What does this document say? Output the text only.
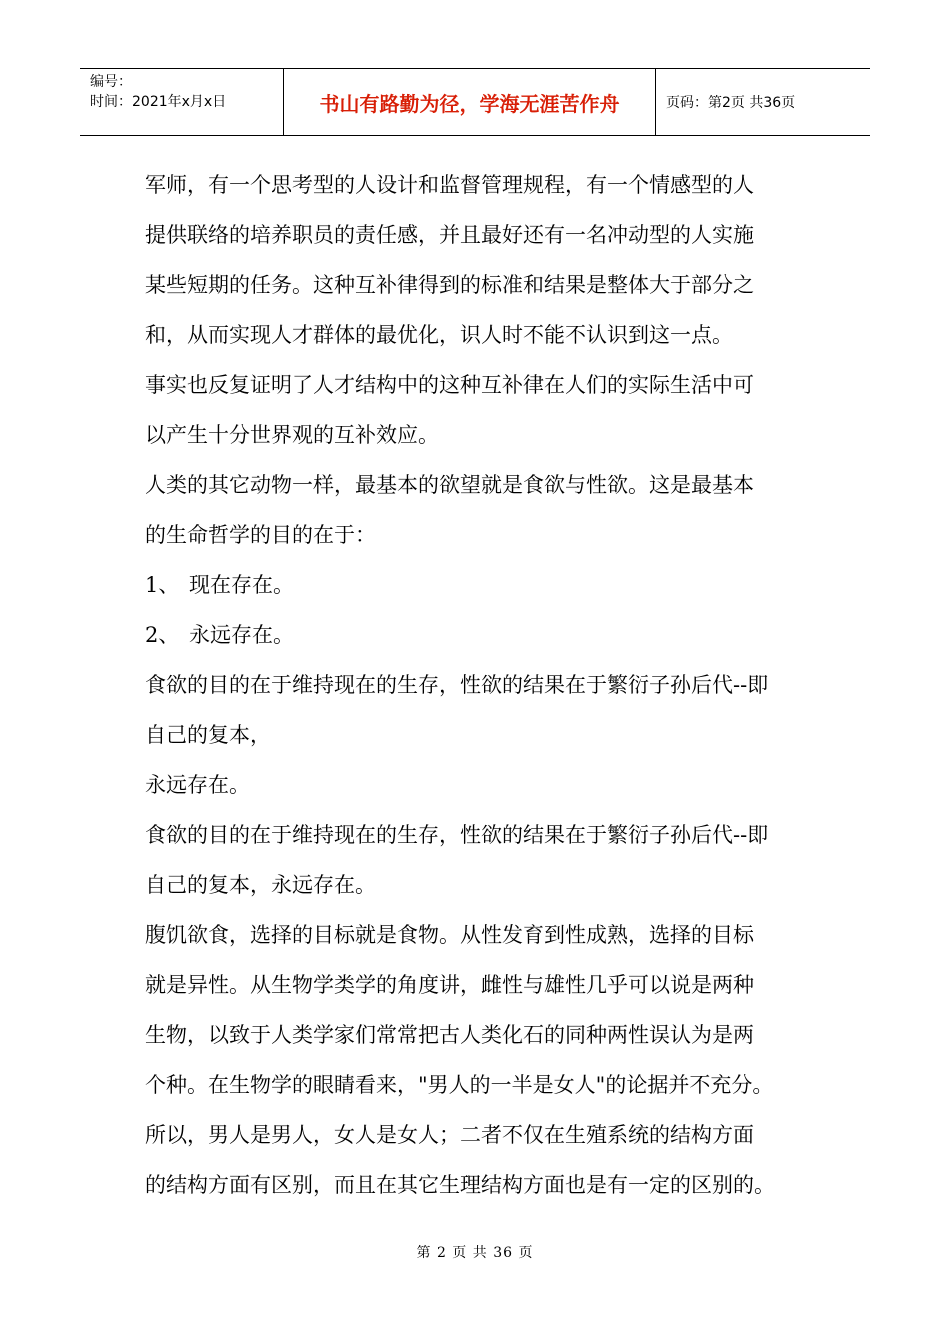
编号：
时间：2021年x月x日	书山有路勤为径，学海无涯苦作舟	页码：第2页 共36页

军师，有一个思考型的人设计和监督管理规程，有一个情感型的人

提供联络的培养职员的责任感，并且最好还有一名冲动型的人实施

某些短期的任务。这种互补律得到的标准和结果是整体大于部分之

和，从而实现人才群体的最优化，识人时不能不认识到这一点。

事实也反复证明了人才结构中的这种互补律在人们的实际生活中可

以产生十分世界观的互补效应。

人类的其它动物一样，最基本的欲望就是食欲与性欲。这是最基本

的生命哲学的目的在于：

1、 现在存在。

2、 永远存在。

食欲的目的在于维持现在的生存，性欲的结果在于繁衍子孙后代--即

自己的复本，

永远存在。

食欲的目的在于维持现在的生存，性欲的结果在于繁衍子孙后代--即

自己的复本，永远存在。

腹饥欲食，选择的目标就是食物。从性发育到性成熟，选择的目标

就是异性。从生物学类学的角度讲，雌性与雄性几乎可以说是两种

生物，以致于人类学家们常常把古人类化石的同种两性误认为是两

个种。在生物学的眼睛看来，"男人的一半是女人"的论据并不充分。

所以，男人是男人，女人是女人；二者不仅在生殖系统的结构方面

的结构方面有区别，而且在其它生理结构方面也是有一定的区别的。

第 2 页 共 36 页
